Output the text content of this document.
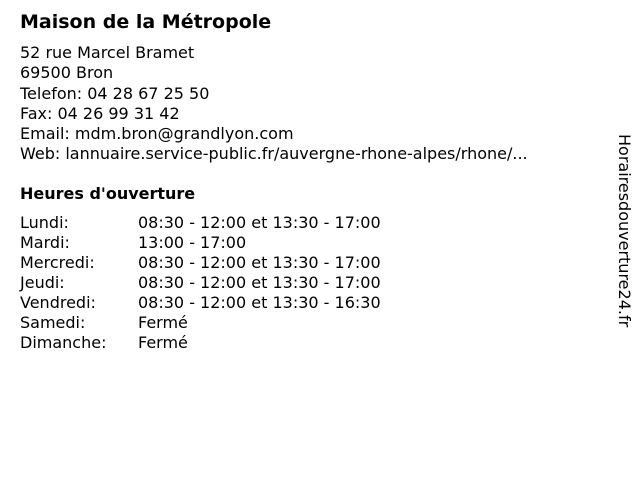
Maison de la Métropole
52 rue Marcel Bramet
69500 Bron
Telefon: 04 28 67 25 50
Fax: 04 26 99 31 42
Email: mdm.bron@grandlyon.com
Web: lannuaire.service-public.fr/auvergne-rhone-alpes/rhone/...
Heures d'ouverture
Lundi:	08:30 - 12:00 et 13:30 - 17:00
Mardi:	13:00 - 17:00
Mercredi:	08:30 - 12:00 et 13:30 - 17:00
Jeudi:	08:30 - 12:00 et 13:30 - 17:00
Vendredi:	08:30 - 12:00 et 13:30 - 16:30
Samedi:	Fermé
Dimanche:	Fermé
Horairesdouverture24.fr
